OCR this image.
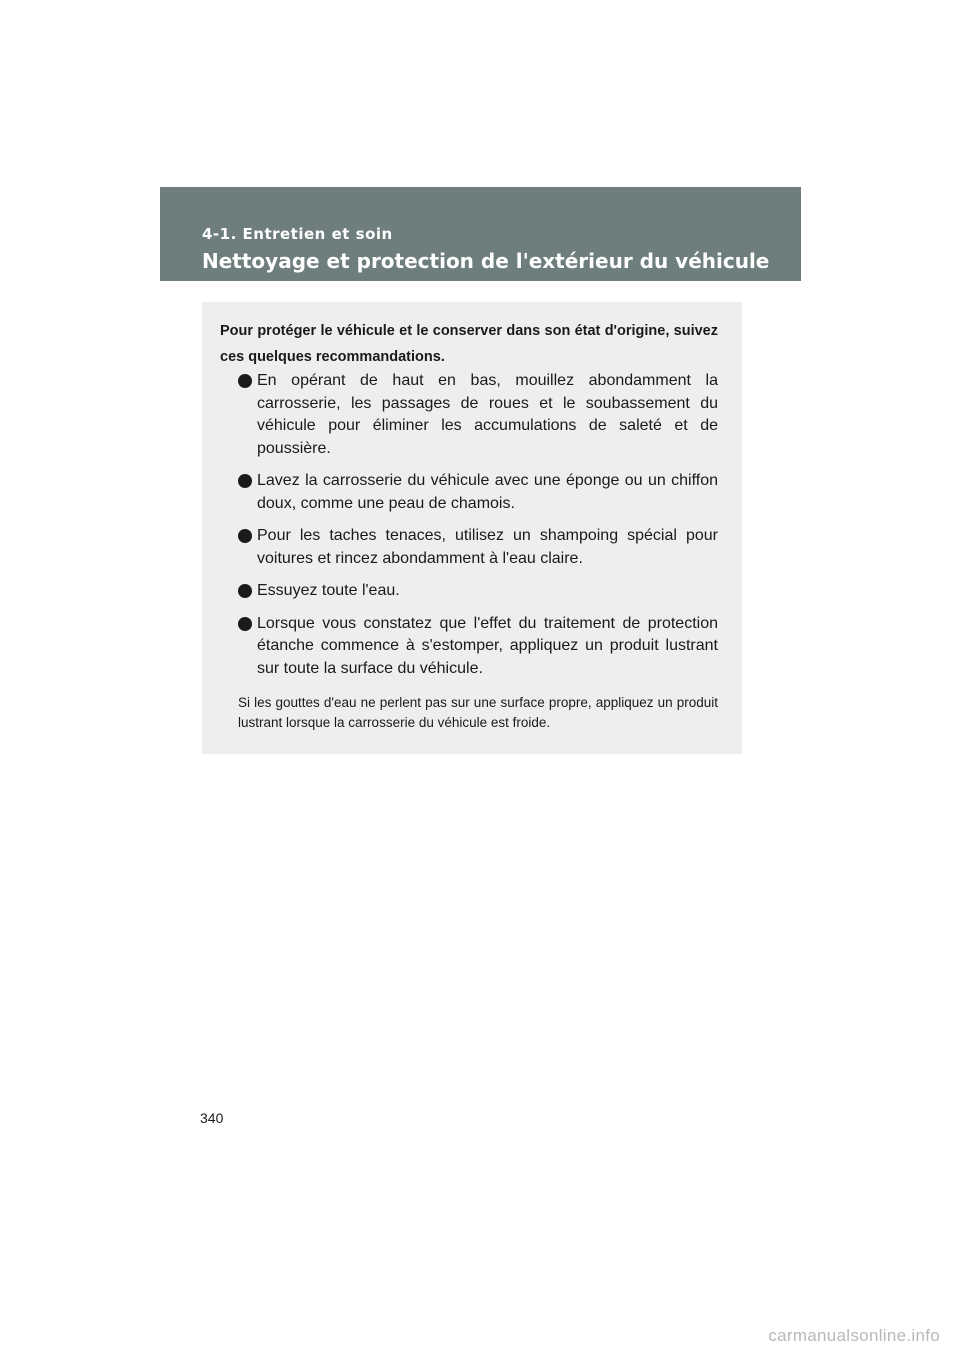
4-1. Entretien et soin
Nettoyage et protection de l'extérieur du véhicule
Pour protéger le véhicule et le conserver dans son état d'origine, suivez ces quelques recommandations.
En opérant de haut en bas, mouillez abondamment la carrosserie, les passages de roues et le soubassement du véhicule pour éliminer les accumulations de saleté et de poussière.
Lavez la carrosserie du véhicule avec une éponge ou un chiffon doux, comme une peau de chamois.
Pour les taches tenaces, utilisez un shampoing spécial pour voitures et rincez abondamment à l'eau claire.
Essuyez toute l'eau.
Lorsque vous constatez que l'effet du traitement de protection étanche commence à s'estomper, appliquez un produit lustrant sur toute la surface du véhicule.
Si les gouttes d'eau ne perlent pas sur une surface propre, appliquez un produit lustrant lorsque la carrosserie du véhicule est froide.
340
carmanualsonline.info
